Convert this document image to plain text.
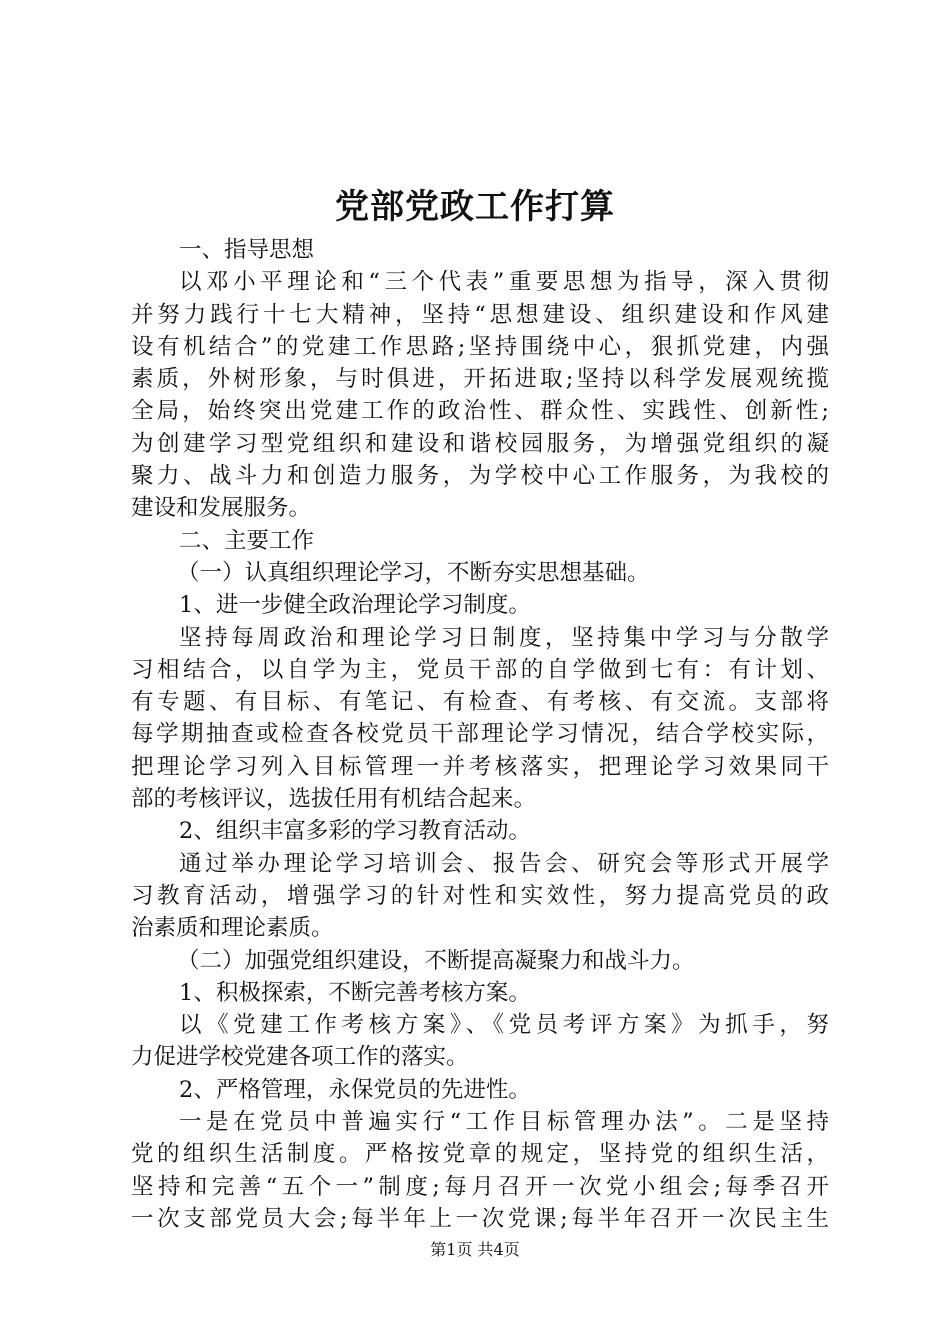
党部党政工作打算
一、指导思想
以邓小平理论和“三个代表”重要思想为指导，深入贯彻
并努力践行十七大精神，坚持“思想建设、组织建设和作风建
设有机结合”的党建工作思路;坚持围绕中心，狠抓党建，内强
素质，外树形象，与时俱进，开拓进取;坚持以科学发展观统揽
全局，始终突出党建工作的政治性、群众性、实践性、创新性;
为创建学习型党组织和建设和谐校园服务，为增强党组织的凝
聚力、战斗力和创造力服务，为学校中心工作服务，为我校的
建设和发展服务。
二、主要工作
（一）认真组织理论学习，不断夯实思想基础。
1、进一步健全政治理论学习制度。
坚持每周政治和理论学习日制度，坚持集中学习与分散学
习相结合，以自学为主，党员干部的自学做到七有：有计划、
有专题、有目标、有笔记、有检查、有考核、有交流。支部将
每学期抽查或检查各校党员干部理论学习情况，结合学校实际，
把理论学习列入目标管理一并考核落实，把理论学习效果同干
部的考核评议，选拔任用有机结合起来。
2、组织丰富多彩的学习教育活动。
通过举办理论学习培训会、报告会、研究会等形式开展学
习教育活动，增强学习的针对性和实效性，努力提高党员的政
治素质和理论素质。
（二）加强党组织建设，不断提高凝聚力和战斗力。
1、积极探索，不断完善考核方案。
以《党建工作考核方案》、《党员考评方案》为抓手，努
力促进学校党建各项工作的落实。
2、严格管理，永保党员的先进性。
一是在党员中普遍实行“工作目标管理办法”。二是坚持
党的组织生活制度。严格按党章的规定，坚持党的组织生活，
坚持和完善“五个一”制度;每月召开一次党小组会;每季召开
一次支部党员大会;每半年上一次党课;每半年召开一次民主生
第1页 共4页
